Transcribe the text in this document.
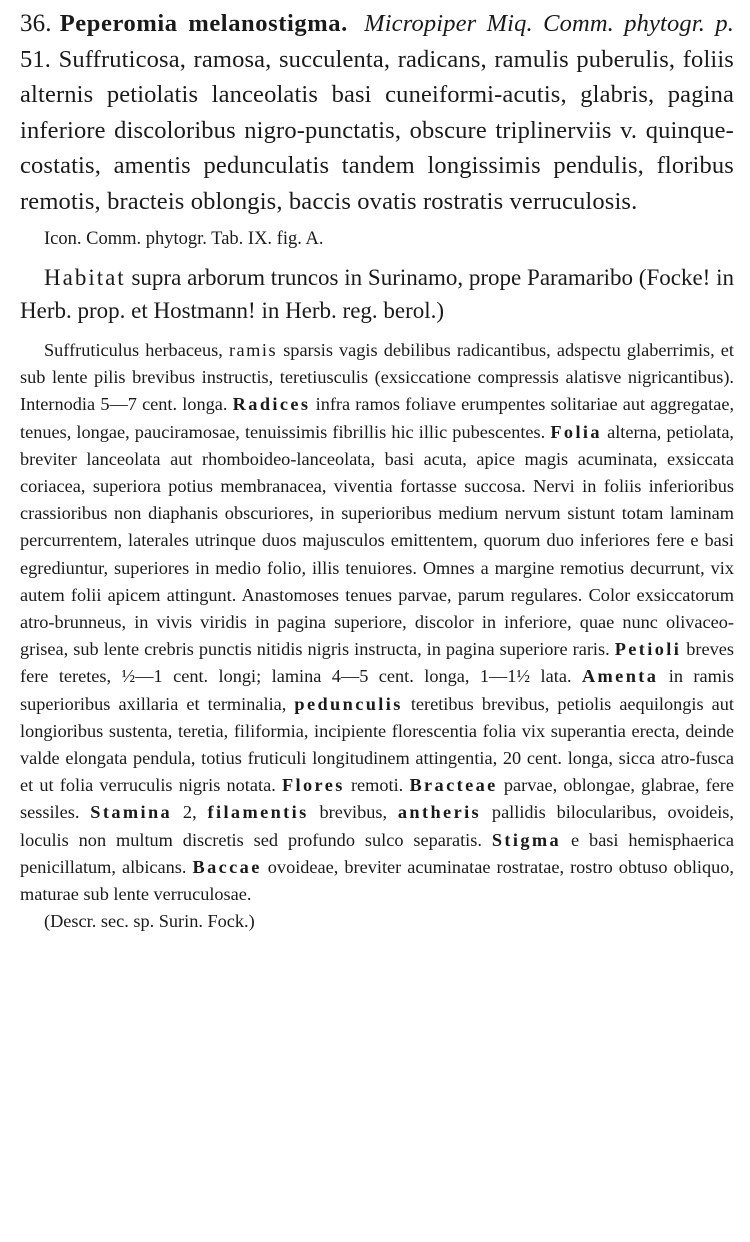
36. Peperomia melanostigma. Micropiper Miq. Comm. phytogr. p. 51. Suffruticosa, ramosa, succulenta, radicans, ramulis puberulis, foliis alternis petiolatis lanceolatis basi cuneiformi-acutis, glabris, pagina inferiore discoloribus nigro-punctatis, obscure triplinerviis v. quinque-costatis, amentis pedunculatis tandem longissimis pendulis, floribus remotis, bracteis oblongis, baccis ovatis rostratis verruculosis.

Icon. Comm. phytogr. Tab. IX. fig. A.

Habitat supra arborum truncos in Surinamo, prope Paramaribo (Focke! in Herb. prop. et Hostmann! in Herb. reg. berol.)

Suffruticulus herbaceus, ramis sparsis vagis debilibus radicantibus, adspectu glaberrimis, et sub lente pilis brevibus instructis, teretiusculis (exsiccatione compressis alatisve nigricantibus). Internodia 5—7 cent. longa. Radices infra ramos foliave erumpentes solitariae aut aggregatae, tenues, longae, pauciramosae, tenuissimis fibrillis hic illic pubescentes. Folia alterna, petiolata, breviter lanceolata aut rhomboideo-lanceolata, basi acuta, apice magis acuminata, exsiccata coriacea, superiora potius membranacea, viventia fortasse succosa. Nervi in foliis inferioribus crassioribus non diaphanis obscuriores, in superioribus medium nervum sistunt totam laminam percurrentem, laterales utrinque duos majusculos emittentem, quorum duo inferiores fere e basi egrediuntur, superiores in medio folio, illis tenuiores. Omnes a margine remotius decurrunt, vix autem folii apicem attingunt. Anastomoses tenues parvae, parum regulares. Color exsiccatorum atro-brunneus, in vivis viridis in pagina superiore, discolor in inferiore, quae nunc olivaceo-grisea, sub lente crebris punctis nitidis nigris instructa, in pagina superiore raris. Petioli breves fere teretes, ½—1 cent. longi; lamina 4—5 cent. longa, 1—1½ lata. Amenta in ramis superioribus axillaria et terminalia, pedunculis teretibus brevibus, petiolis aequilongis aut longioribus sustenta, teretia, filiformia, incipiente florescentia folia vix superantia erecta, deinde valde elongata pendula, totius fruticuli longitudinem attingentia, 20 cent. longa, sicca atro-fusca et ut folia verruculis nigris notata. Flores remoti. Bracteae parvae, oblongae, glabrae, fere sessiles. Stamina 2, filamentis brevibus, antheris pallidis bilocularibus, ovoideis, loculis non multum discretis sed profundo sulco separatis. Stigma e basi hemisphaerica penicillatum, albicans. Baccae ovoideae, breviter acuminatae rostratae, rostro obtuso obliquo, maturae sub lente verruculosae.
(Descr. sec. sp. Surin. Fock.)
